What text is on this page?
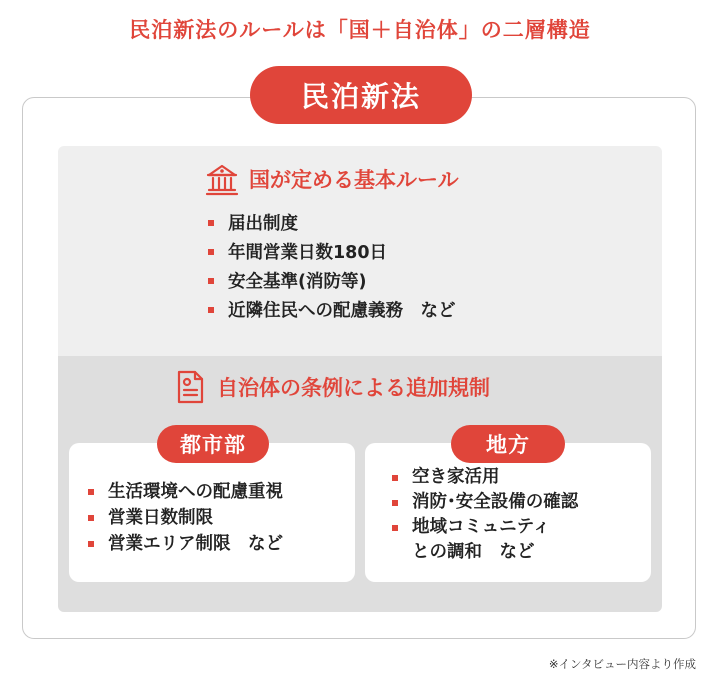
民泊新法のルールは「国＋自治体」の二層構造
民泊新法
国が定める基本ルール
届出制度
年間営業日数180日
安全基準(消防等)
近隣住民への配慮義務　など
自治体の条例による追加規制
都市部	地方
生活環境への配慮重視
営業日数制限
営業エリア制限　など
空き家活用
消防･安全設備の確認
地域コミュニティ
との調和　など
※インタビュー内容より作成
